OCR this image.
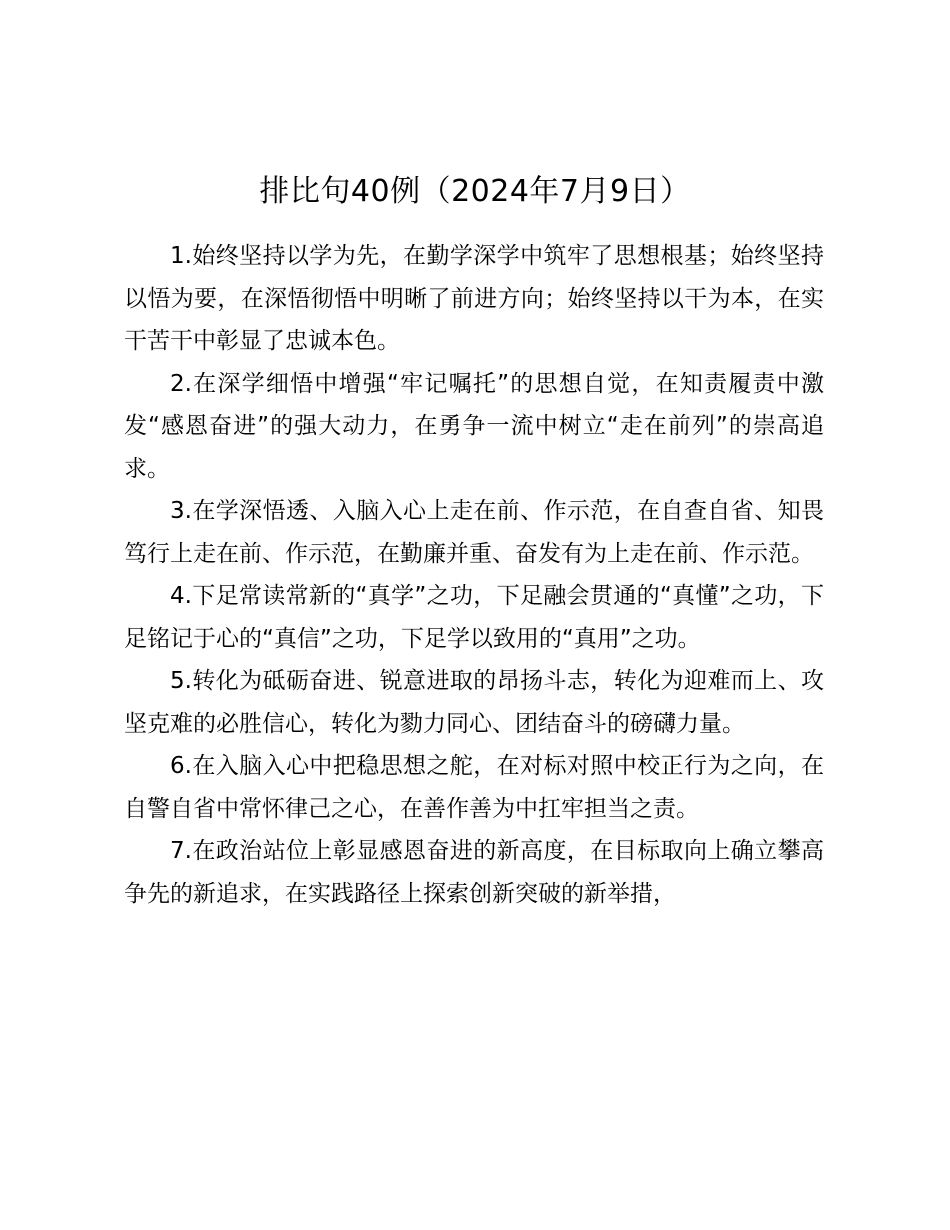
排比句40例（2024年7月9日）

1.始终坚持以学为先，在勤学深学中筑牢了思想根基；始终坚持以悟为要，在深悟彻悟中明晰了前进方向；始终坚持以干为本，在实干苦干中彰显了忠诚本色。

2.在深学细悟中增强“牢记嘱托”的思想自觉，在知责履责中激发“感恩奋进”的强大动力，在勇争一流中树立“走在前列”的崇高追求。

3.在学深悟透、入脑入心上走在前、作示范，在自查自省、知畏笃行上走在前、作示范，在勤廉并重、奋发有为上走在前、作示范。

4.下足常读常新的“真学”之功，下足融会贯通的“真懂”之功，下足铭记于心的“真信”之功，下足学以致用的“真用”之功。

5.转化为砥砺奋进、锐意进取的昂扬斗志，转化为迎难而上、攻坚克难的必胜信心，转化为勠力同心、团结奋斗的磅礴力量。

6.在入脑入心中把稳思想之舵，在对标对照中校正行为之向，在自警自省中常怀律己之心，在善作善为中扛牢担当之责。

7.在政治站位上彰显感恩奋进的新高度，在目标取向上确立攀高争先的新追求，在实践路径上探索创新突破的新举措，
